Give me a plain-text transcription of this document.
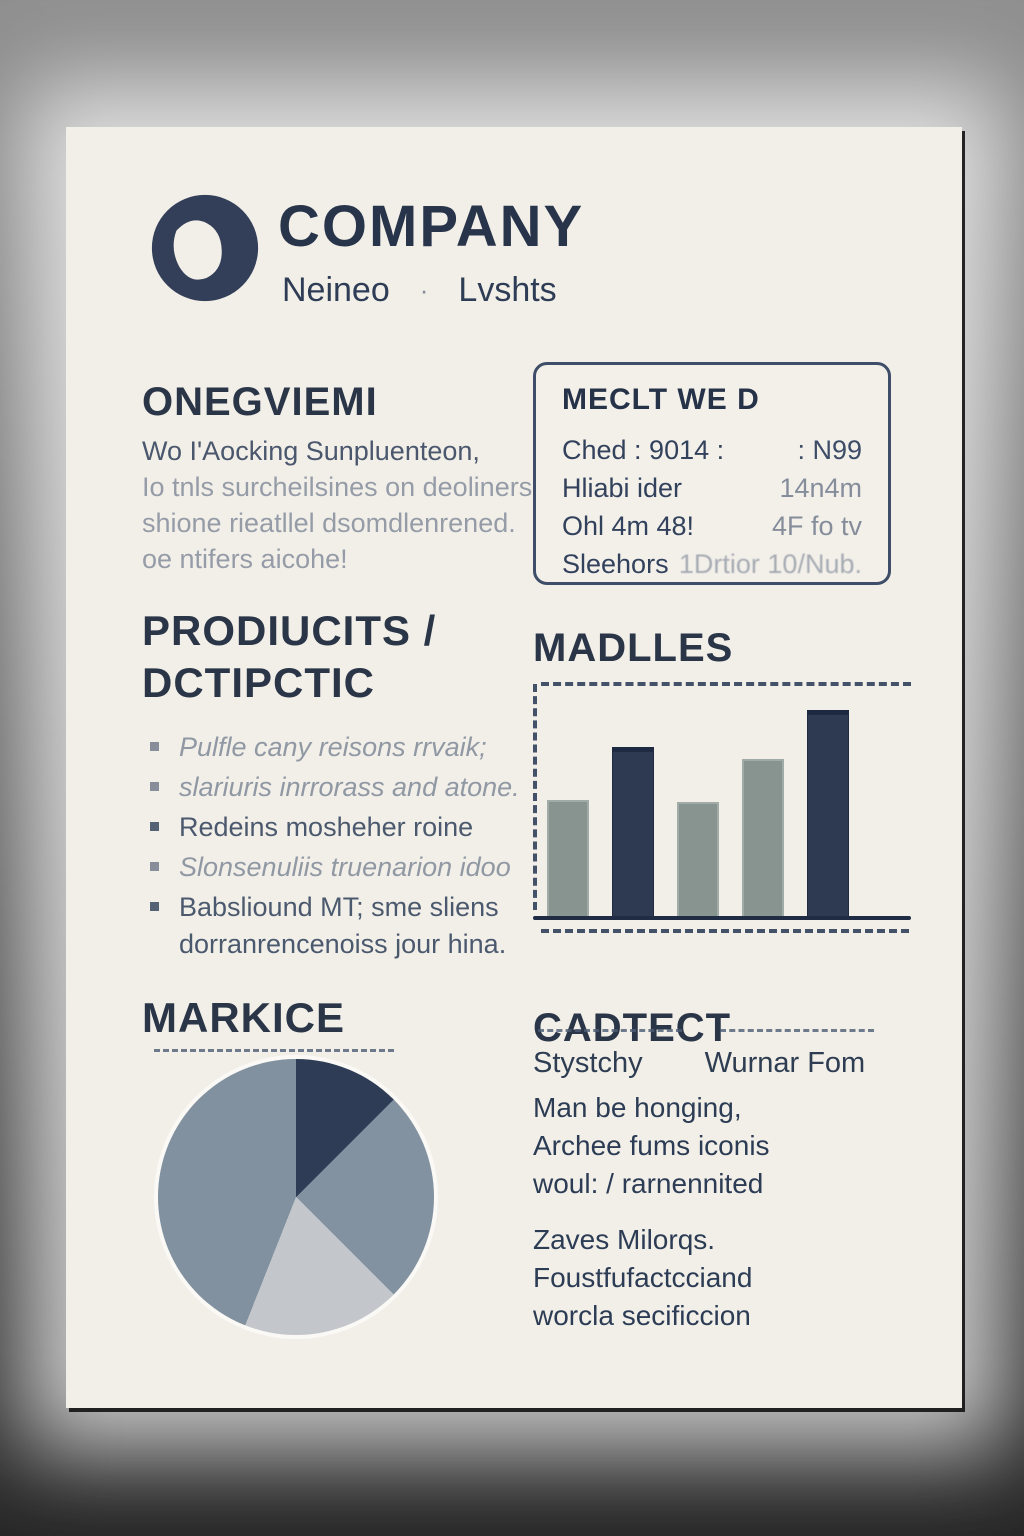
COMPANY
Neineo · Lvshts
ONEGVIEMI
Wo I'Aocking Sunpluenteon,
Io tnls surcheilsines on deoliners
shione rieatllel dsomdlenrened.
oe ntifers aicohe!
MECLT WE D
Ched : 9014 :	: N99
Hliabi ider	14n4m
Ohl 4m 48!	4F fo tv
Sleehors 1Drtior 10/Nub.
PRODIUCITS /
DCTIPCTIC
Pulfle cany reisons rrvaik;
slariuris inrrorass and atone.
Redeins mosheher roine
Slonsenuliis truenarion idoo
Babsliound MT; sme sliens dorranrencenoiss jour hina.
MADLLES
MARKICE	CADTECT
Stystchy Wurnar Fom
Man be honging,
Archee fums iconis
woul: / rarnennited
Zaves Milorqs.
Foustfufactcciand
worcla secificcion
